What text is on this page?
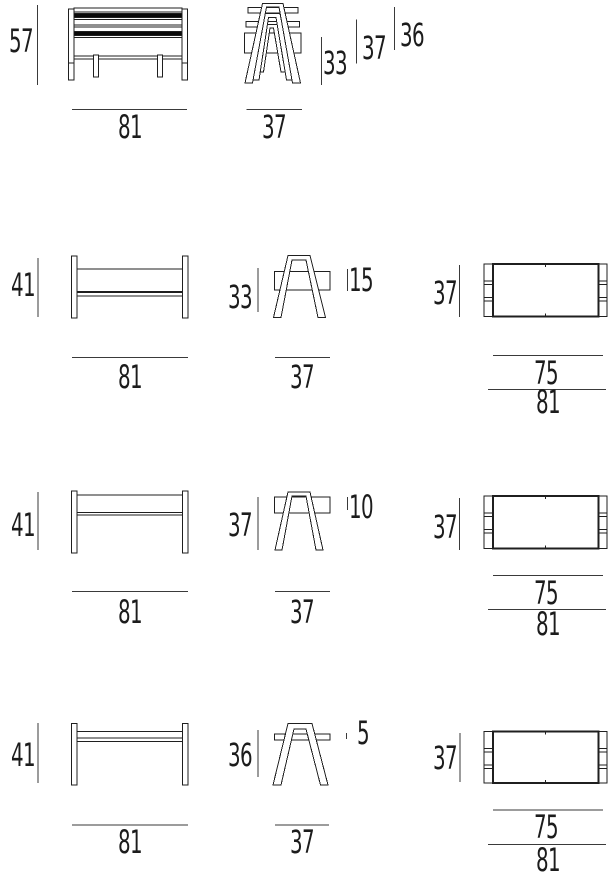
57
81	37
33 37 36
41
81
33	15
37
37
75
81
41
81
37	10
37
37
75
81
41
81
36
5
37
37
75
81
